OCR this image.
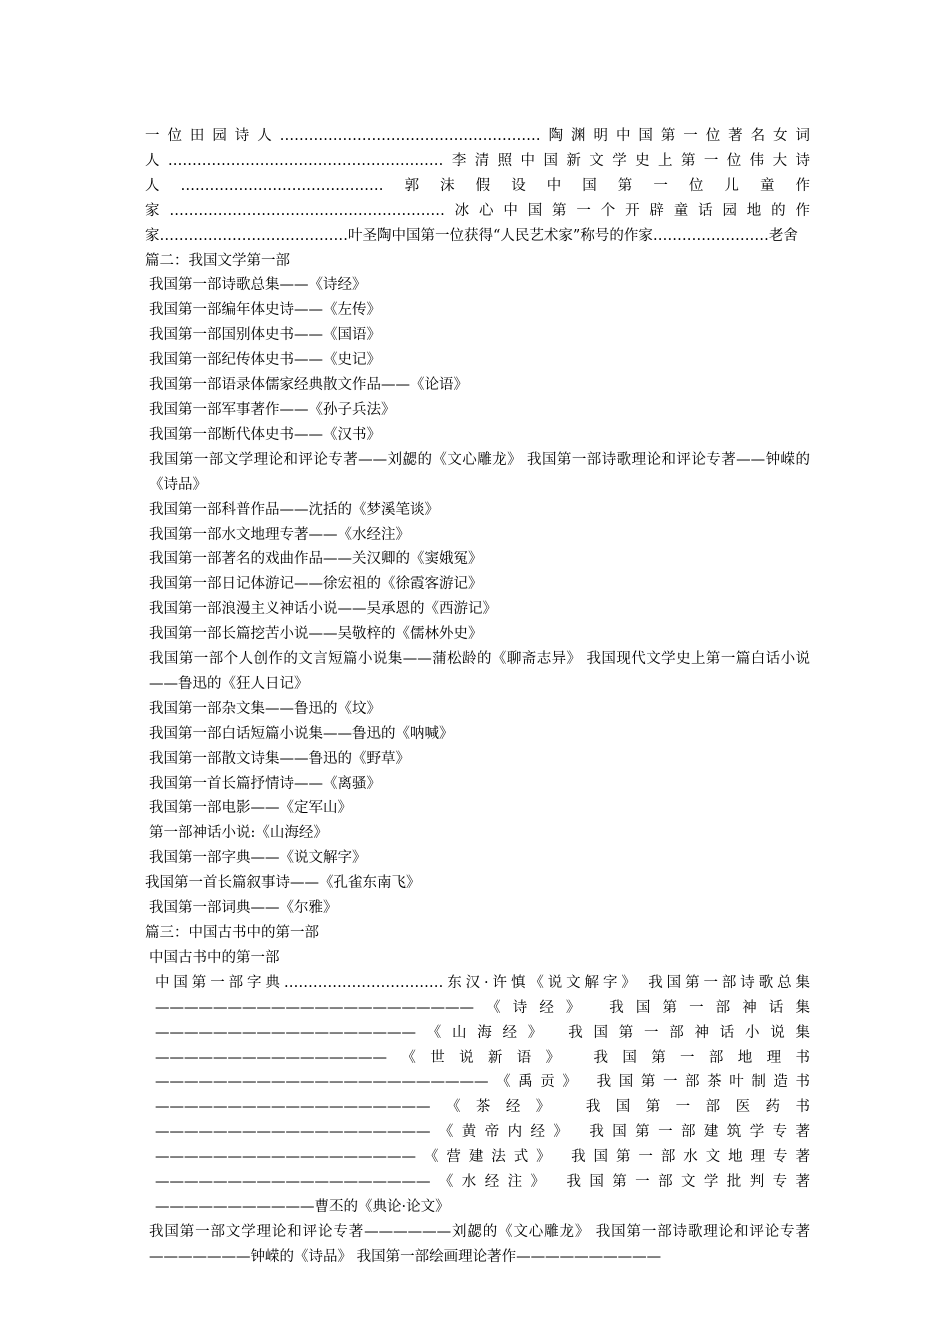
一位田园诗人………………………………………………陶渊明中国第一位著名女词人…………………………………………………李清照中国新文学史上第一位伟大诗人……………………………………郭沫假设中国第一位儿童作家…………………………………………………冰心中国第一个开辟童话园地的作家…………………………………叶圣陶中国第一位获得“人民艺术家”称号的作家……………………老舍
篇二：我国文学第一部
我国第一部诗歌总集——《诗经》
我国第一部编年体史诗——《左传》
我国第一部国别体史书——《国语》
我国第一部纪传体史书——《史记》
我国第一部语录体儒家经典散文作品——《论语》
我国第一部军事著作——《孙子兵法》
我国第一部断代体史书——《汉书》
我国第一部文学理论和评论专著——刘勰的《文心雕龙》 我国第一部诗歌理论和评论专著——钟嵘的《诗品》
我国第一部科普作品——沈括的《梦溪笔谈》
我国第一部水文地理专著——《水经注》
我国第一部著名的戏曲作品——关汉卿的《窦娥冤》
我国第一部日记体游记——徐宏祖的《徐霞客游记》
我国第一部浪漫主义神话小说——吴承恩的《西游记》
我国第一部长篇挖苦小说——吴敬梓的《儒林外史》
我国第一部个人创作的文言短篇小说集——蒲松龄的《聊斋志异》 我国现代文学史上第一篇白话小说 ——鲁迅的《狂人日记》
我国第一部杂文集——鲁迅的《坟》
我国第一部白话短篇小说集——鲁迅的《呐喊》
我国第一部散文诗集——鲁迅的《野草》
我国第一首长篇抒情诗——《离骚》
我国第一部电影——《定军山》
第一部神话小说:《山海经》
我国第一部字典——《说文解字》
我国第一首长篇叙事诗——《孔雀东南飞》
我国第一部词典——《尔雅》
篇三：中国古书中的第一部
中国古书中的第一部
中国第一部字典……………………………东汉·许慎《说文解字》 我国第一部诗歌总集——————————————————————《诗经》 我国第一部神话集——————————————————《山海经》 我国第一部神话小说集————————————————《世说新语》 我国第一部地理书———————————————————————《禹贡》 我国第一部茶叶制造书———————————————————《茶经》 我国第一部医药书———————————————————《黄帝内经》 我国第一部建筑学专著——————————————————《营建法式》 我国第一部水文地理专著———————————————————《水经注》 我国第一部文学批判专著———————————曹丕的《典论·论文》
我国第一部文学理论和评论专著——————刘勰的《文心雕龙》 我国第一部诗歌理论和评论专著———————钟嵘的《诗品》 我国第一部绘画理论著作——————————
